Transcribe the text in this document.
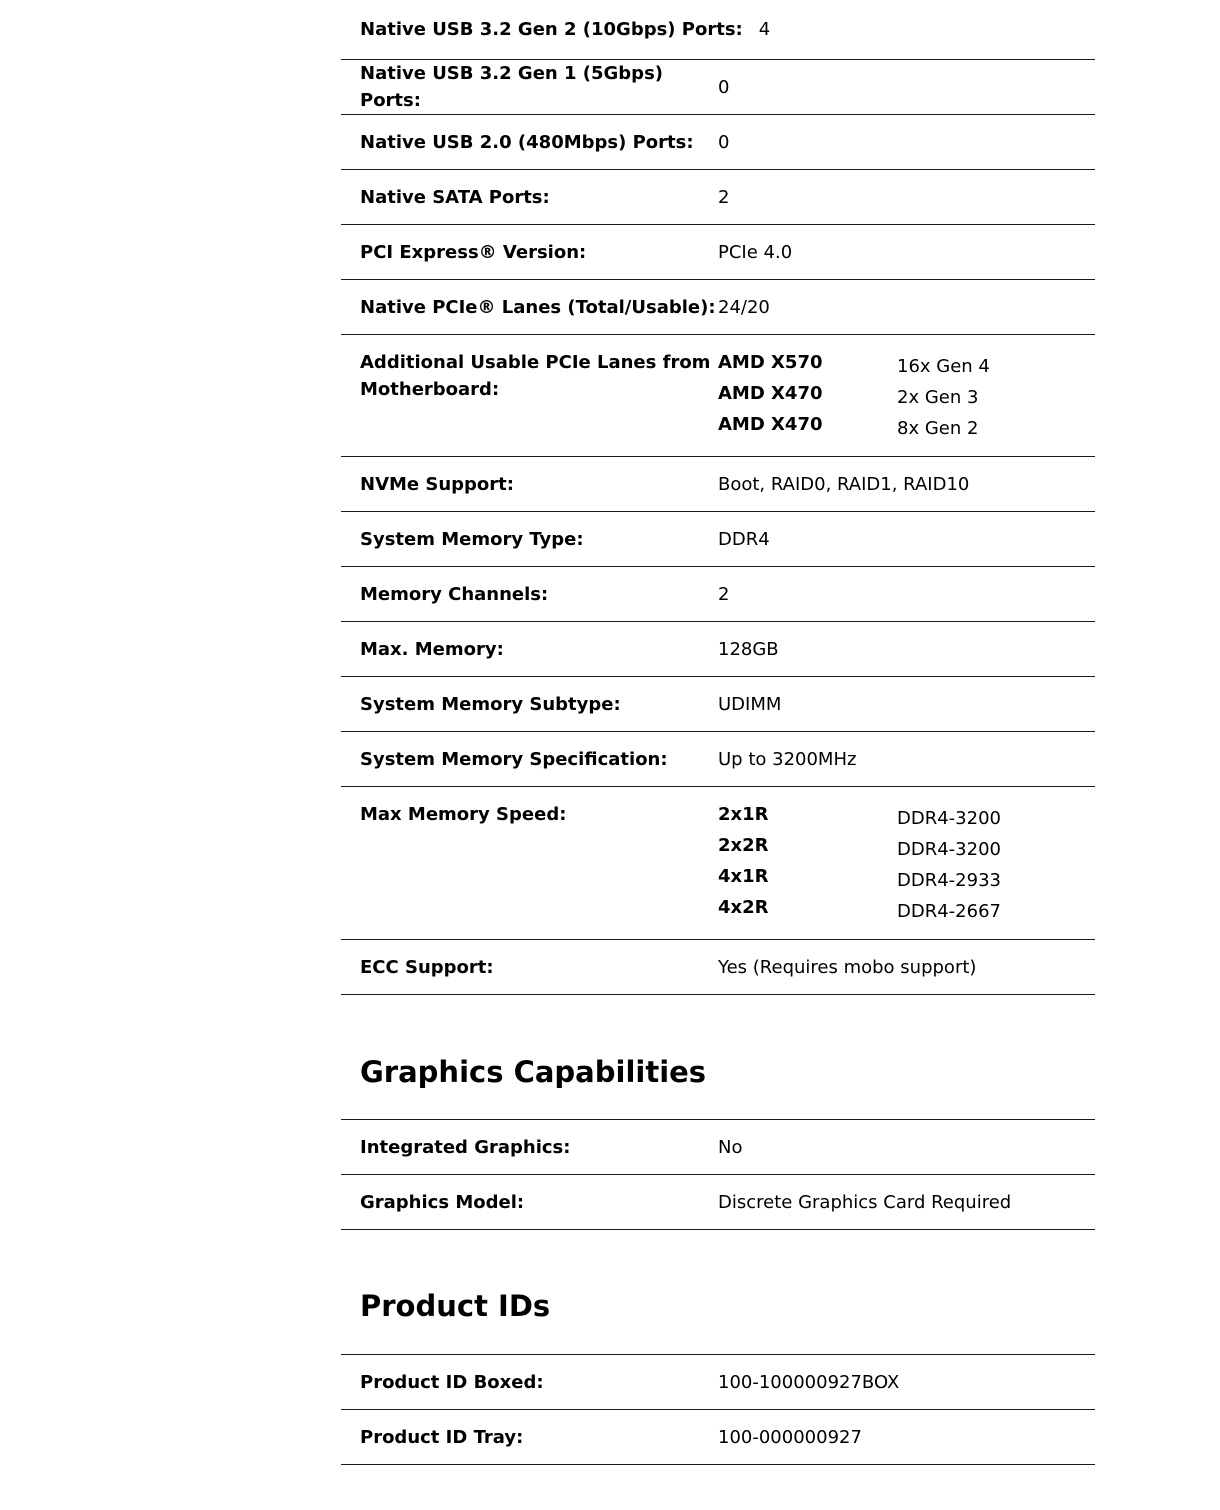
Native USB 3.2 Gen 2 (10Gbps) Ports: 4
Native USB 3.2 Gen 1 (5Gbps) Ports:
0
Native USB 2.0 (480Mbps) Ports:	0
Native SATA Ports:	2
PCI Express® Version:	PCIe 4.0
Native PCIe® Lanes (Total/Usable): 24/20
Additional Usable PCIe Lanes from Motherboard:
AMD X570	16x Gen 4
AMD X470	2x Gen 3
AMD X470	8x Gen 2
NVMe Support:	Boot, RAID0, RAID1, RAID10
System Memory Type:	DDR4
Memory Channels:	2
Max. Memory:	128GB
System Memory Subtype:	UDIMM
System Memory Specification:	Up to 3200MHz
Max Memory Speed:	2x1R	DDR4-3200
2x2R	DDR4-3200
4x1R	DDR4-2933
4x2R	DDR4-2667
ECC Support:	Yes (Requires mobo support)
Graphics Capabilities
Integrated Graphics:	No
Graphics Model:	Discrete Graphics Card Required
Product IDs
Product ID Boxed:	100-100000927BOX
Product ID Tray:	100-000000927
